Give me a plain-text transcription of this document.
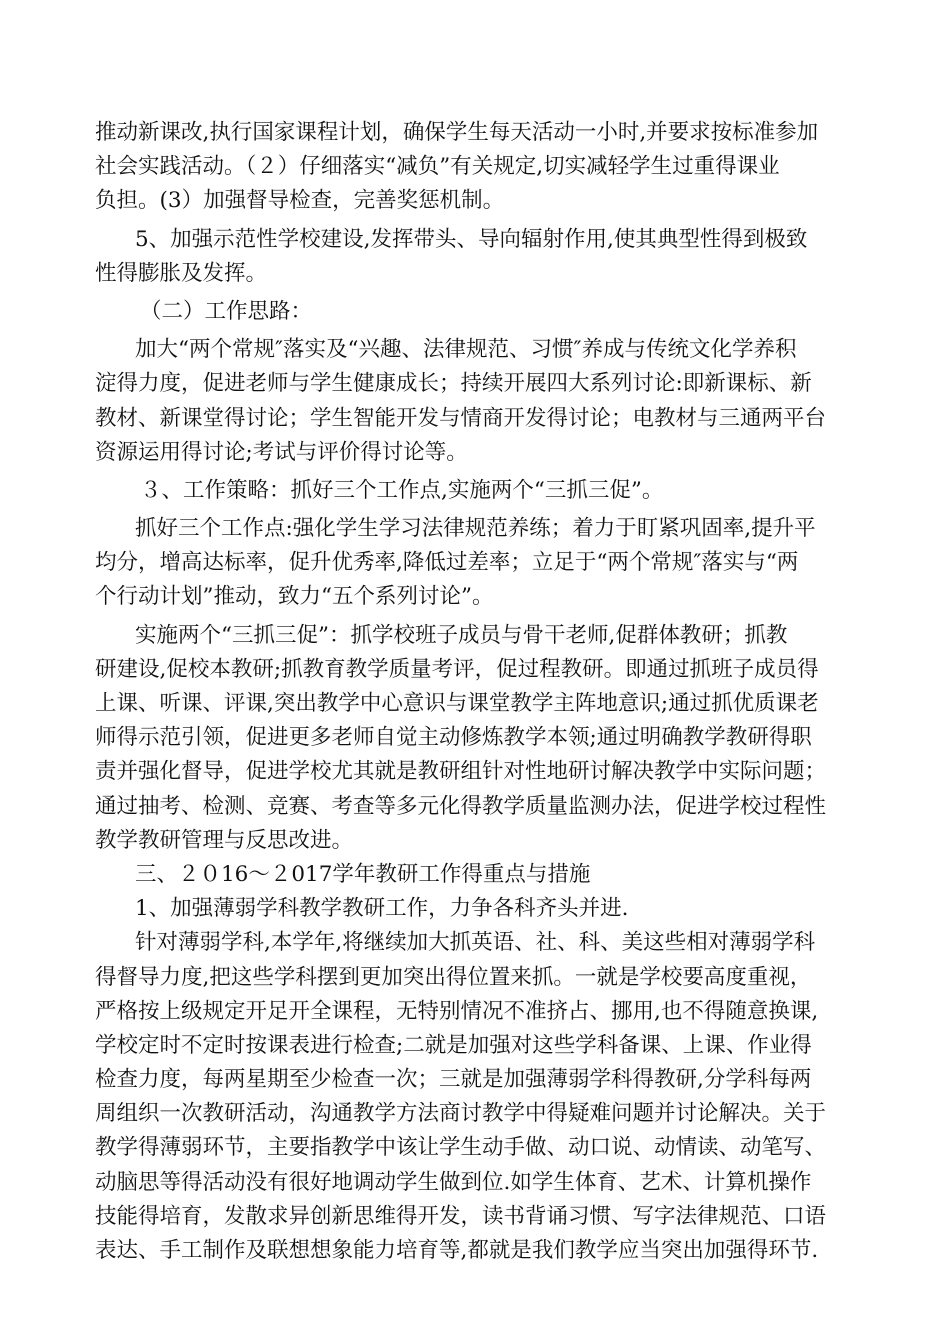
推动新课改,执行国家课程计划，确保学生每天活动一小时,并要求按标准参加
社会实践活动。（２）仔细落实“减负”有关规定,切实减轻学生过重得课业
负担。(3）加强督导检查，完善奖惩机制。
5、加强示范性学校建设,发挥带头、导向辐射作用,使其典型性得到极致
性得膨胀及发挥。
（二）工作思路：
加大“两个常规″落实及“兴趣、法律规范、习惯″养成与传统文化学养积
淀得力度，促进老师与学生健康成长；持续开展四大系列讨论:即新课标、新
教材、新课堂得讨论；学生智能开发与情商开发得讨论；电教材与三通两平台
资源运用得讨论;考试与评价得讨论等。
３、工作策略：抓好三个工作点,实施两个“三抓三促”。
抓好三个工作点:强化学生学习法律规范养练；着力于盯紧巩固率,提升平
均分，增高达标率，促升优秀率,降低过差率；立足于“两个常规″落实与“两
个行动计划”推动，致力“五个系列讨论”。
实施两个“三抓三促”：抓学校班子成员与骨干老师,促群体教研；抓教
研建设,促校本教研;抓教育教学质量考评，促过程教研。即通过抓班子成员得
上课、听课、评课,突出教学中心意识与课堂教学主阵地意识;通过抓优质课老
师得示范引领，促进更多老师自觉主动修炼教学本领;通过明确教学教研得职
责并强化督导，促进学校尤其就是教研组针对性地研讨解决教学中实际问题；
通过抽考、检测、竞赛、考查等多元化得教学质量监测办法，促进学校过程性
教学教研管理与反思改进。
三、２０16～２017学年教研工作得重点与措施
1、加强薄弱学科教学教研工作，力争各科齐头并进.
针对薄弱学科,本学年,将继续加大抓英语、社、科、美这些相对薄弱学科
得督导力度,把这些学科摆到更加突出得位置来抓。一就是学校要高度重视，
严格按上级规定开足开全课程，无特别情况不准挤占、挪用,也不得随意换课,
学校定时不定时按课表进行检查;二就是加强对这些学科备课、上课、作业得
检查力度，每两星期至少检查一次；三就是加强薄弱学科得教研,分学科每两
周组织一次教研活动，沟通教学方法商讨教学中得疑难问题并讨论解决。关于
教学得薄弱环节，主要指教学中该让学生动手做、动口说、动情读、动笔写、
动脑思等得活动没有很好地调动学生做到位.如学生体育、艺术、计算机操作
技能得培育，发散求异创新思维得开发，读书背诵习惯、写字法律规范、口语
表达、手工制作及联想想象能力培育等,都就是我们教学应当突出加强得环节.
